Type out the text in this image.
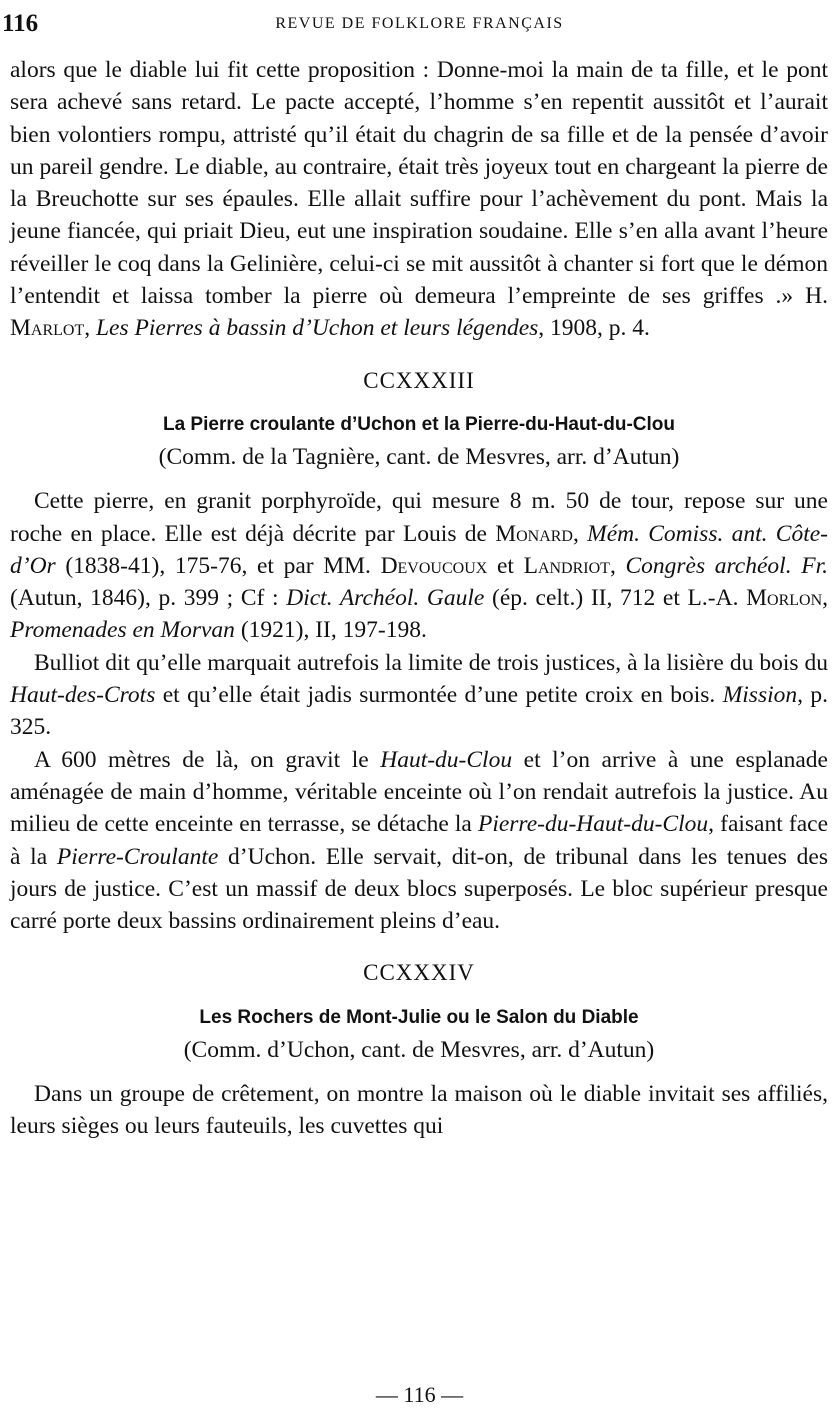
116	REVUE DE FOLKLORE FRANÇAIS

alors que le diable lui fit cette proposition : Donne-moi la main de ta fille, et le pont sera achevé sans retard. Le pacte accepté, l’homme s’en repentit aussitôt et l’aurait bien volontiers rompu, attristé qu’il était du chagrin de sa fille et de la pensée d’avoir un pareil gendre. Le diable, au contraire, était très joyeux tout en chargeant la pierre de la Breuchotte sur ses épaules. Elle allait suffire pour l’achèvement du pont. Mais la jeune fiancée, qui priait Dieu, eut une inspiration soudaine. Elle s’en alla avant l’heure réveiller le coq dans la Gelinière, celui-ci se mit aussitôt à chanter si fort que le démon l’entendit et laissa tomber la pierre où demeura l’empreinte de ses griffes .» H. Marlot, Les Pierres à bassin d’Uchon et leurs légendes, 1908, p. 4.

CCXXXIII
La Pierre croulante d’Uchon et la Pierre-du-Haut-du-Clou
(Comm. de la Tagnière, cant. de Mesvres, arr. d’Autun)

Cette pierre, en granit porphyroïde, qui mesure 8 m. 50 de tour, repose sur une roche en place. Elle est déjà décrite par Louis de Monard, Mém. Comiss. ant. Côte-d’Or (1838-41), 175-76, et par MM. Devoucoux et Landriot, Congrès archéol. Fr. (Autun, 1846), p. 399 ; Cf : Dict. Archéol. Gaule (ép. celt.) II, 712 et L.-A. Morlon, Promenades en Morvan (1921), II, 197-198.

Bulliot dit qu’elle marquait autrefois la limite de trois justices, à la lisière du bois du Haut-des-Crots et qu’elle était jadis surmontée d’une petite croix en bois. Mission, p. 325.

A 600 mètres de là, on gravit le Haut-du-Clou et l’on arrive à une esplanade aménagée de main d’homme, véritable enceinte où l’on rendait autrefois la justice. Au milieu de cette enceinte en terrasse, se détache la Pierre-du-Haut-du-Clou, faisant face à la Pierre-Croulante d’Uchon. Elle servait, dit-on, de tribunal dans les tenues des jours de justice. C’est un massif de deux blocs superposés. Le bloc supérieur presque carré porte deux bassins ordinairement pleins d’eau.

CCXXXIV
Les Rochers de Mont-Julie ou le Salon du Diable
(Comm. d’Uchon, cant. de Mesvres, arr. d’Autun)

Dans un groupe de crêtement, on montre la maison où le diable invitait ses affiliés, leurs sièges ou leurs fauteuils, les cuvettes qui

— 116 —
